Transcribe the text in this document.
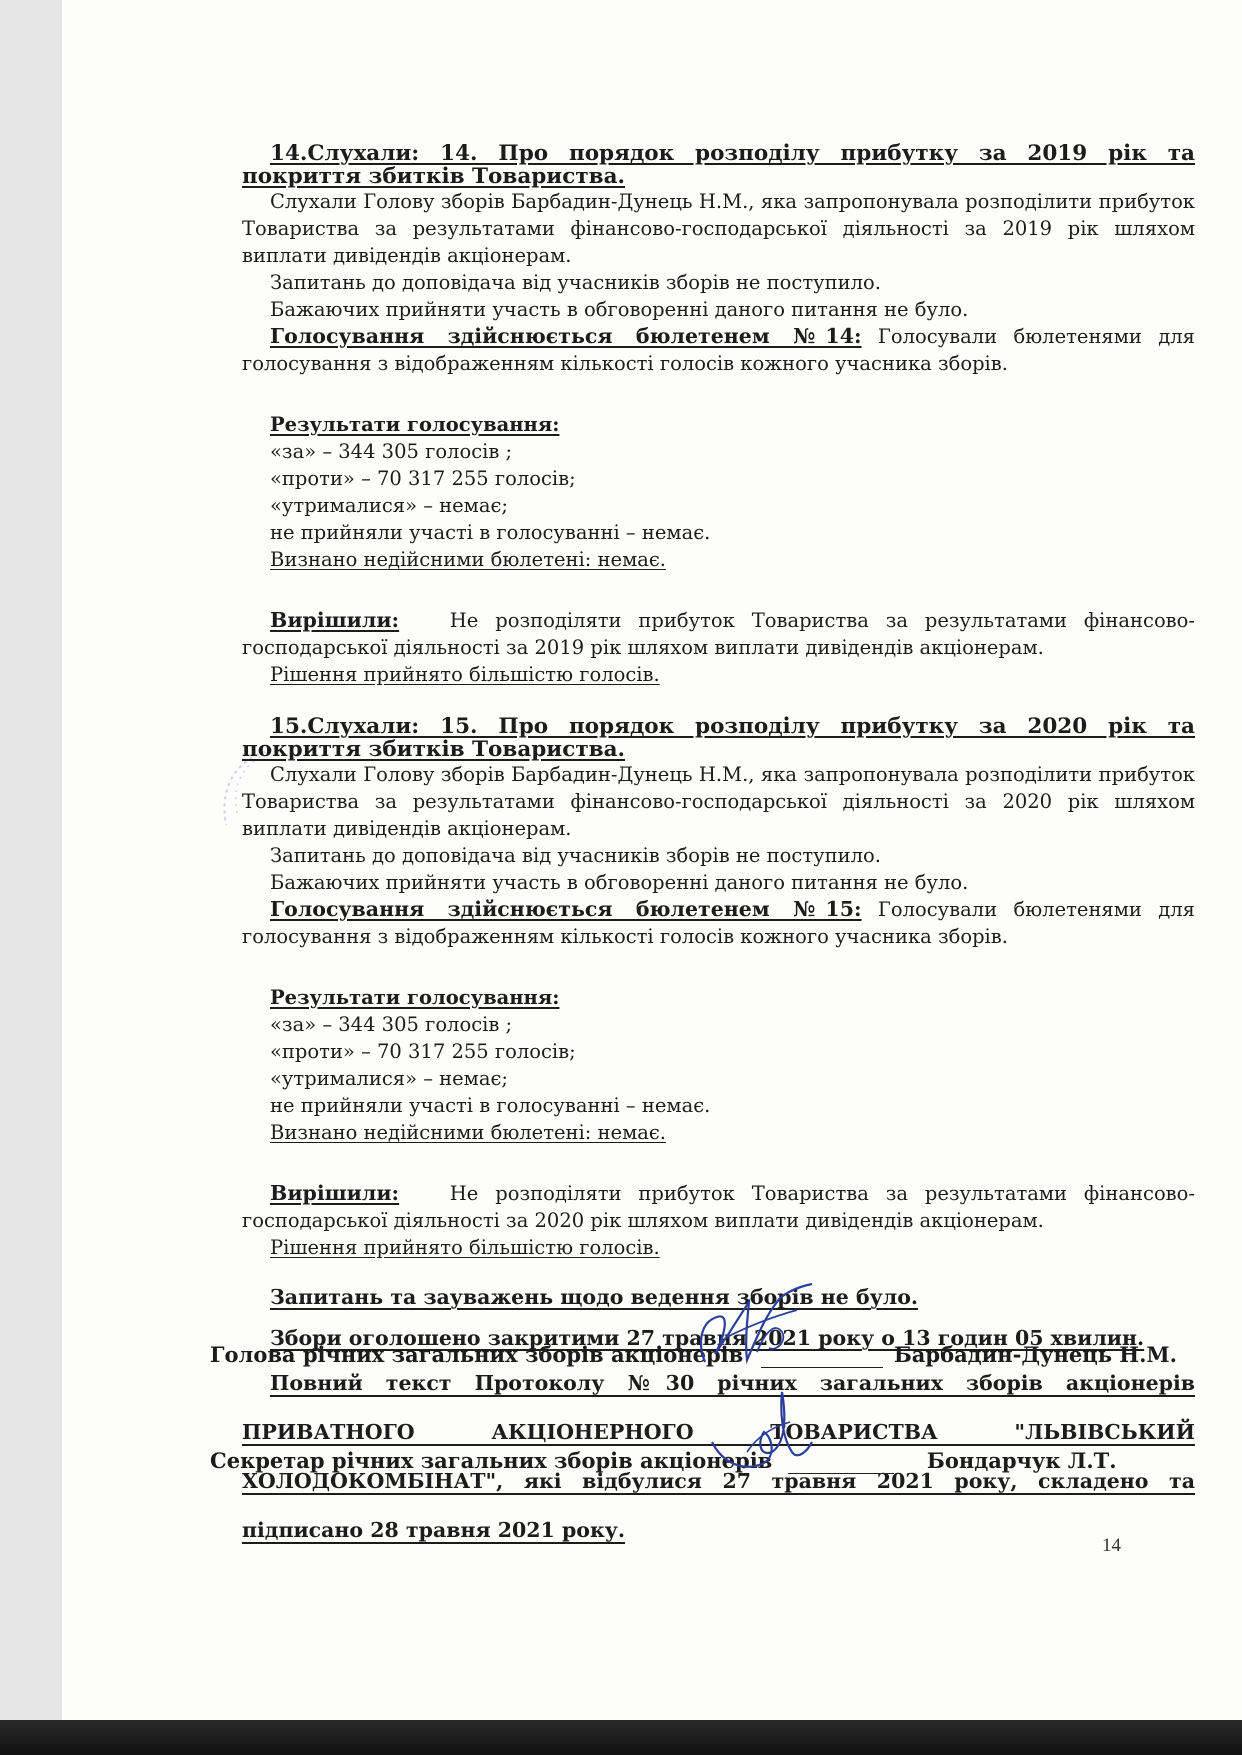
14.Слухали: 14. Про порядок розподілу прибутку за 2019 рік та покриття збитків Товариства.

Слухали Голову зборів Барбадин-Дунець Н.М., яка запропонувала розподілити прибуток Товариства за результатами фінансово-господарської діяльності за 2019 рік шляхом виплати дивідендів акціонерам.

Запитань до доповідача від учасників зборів не поступило.

Бажаючих прийняти участь в обговоренні даного питання не було.

Голосування здійснюється бюлетенем №14: Голосували бюлетенями для голосування з відображенням кількості голосів кожного учасника зборів.

Результати голосування:

«за» – 344 305 голосів ;

«проти» – 70 317 255 голосів;

«утрималися» – немає;

не прийняли участі в голосуванні – немає.

Визнано недійсними бюлетені: немає.

Вирішили:	Не розподіляти прибуток Товариства за результатами фінансово-господарської діяльності за 2019 рік шляхом виплати дивідендів акціонерам.

Рішення прийнято більшістю голосів.

15.Слухали: 15. Про порядок розподілу прибутку за 2020 рік та покриття збитків Товариства.

Слухали Голову зборів Барбадин-Дунець Н.М., яка запропонувала розподілити прибуток Товариства за результатами фінансово-господарської діяльності за 2020 рік шляхом виплати дивідендів акціонерам.

Запитань до доповідача від учасників зборів не поступило.

Бажаючих прийняти участь в обговоренні даного питання не було.

Голосування здійснюється бюлетенем №15: Голосували бюлетенями для голосування з відображенням кількості голосів кожного учасника зборів.

Результати голосування:

«за» – 344 305 голосів ;

«проти» – 70 317 255 голосів;

«утрималися» – немає;

не прийняли участі в голосуванні – немає.

Визнано недійсними бюлетені: немає.

Вирішили:	Не розподіляти прибуток Товариства за результатами фінансово-господарської діяльності за 2020 рік шляхом виплати дивідендів акціонерам.

Рішення прийнято більшістю голосів.

Запитань та зауважень щодо ведення зборів не було.

Збори оголошено закритими 27 травня 2021 року о 13 годин 05 хвилин.

Повний текст Протоколу №30 річних загальних зборів акціонерів ПРИВАТНОГО АКЦІОНЕРНОГО ТОВАРИСТВА "ЛЬВІВСЬКИЙ ХОЛОДОКОМБІНАТ", які відбулися 27 травня 2021 року, складено та підписано 28 травня 2021 року.

Голова річних загальних зборів акціонерів	Барбадин-Дунець Н.М.
Секретар річних загальних зборів акціонерів	Бондарчук Л.Т.
14
